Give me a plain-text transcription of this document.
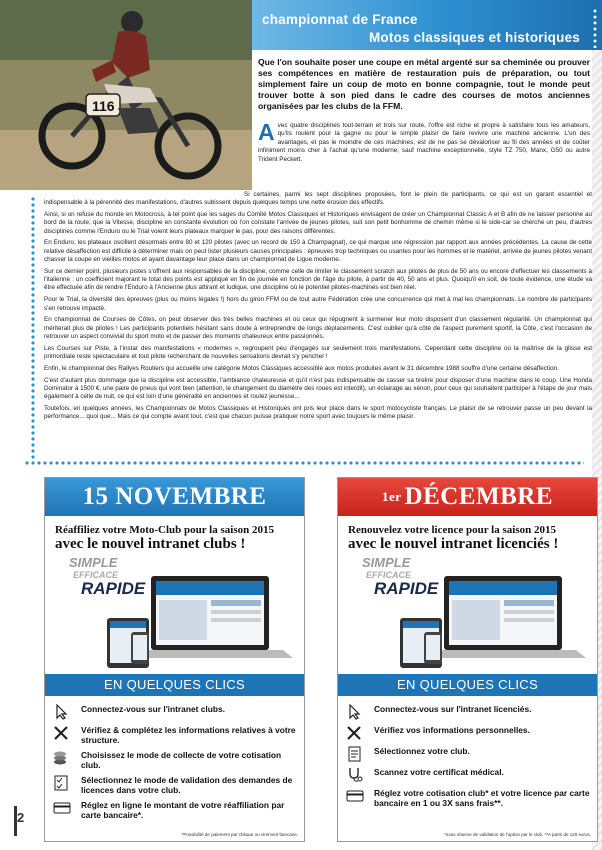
116
championnat de France
Motos classiques et historiques
Que l'on souhaite poser une coupe en métal argenté sur sa cheminée ou prouver ses compétences en matière de restauration puis de préparation, ou tout simplement faire un coup de moto en bonne compagnie, tout le monde peut trouver botte à son pied dans le cadre des courses de motos anciennes organisées par les clubs de la FFM.
A vec quatre disciplines tout-terrain et trois sur route, l'offre est riche et propre à satisfaire tous les amateurs, qu'ils roulent pour la gagne ou pour le simple plaisir de faire revivre une machine ancienne. L'un des avantages, et pas le moindre de ces machines, est de ne pas se dévaloriser au fil des années et de coûter infiniment moins cher à l'achat qu'une moderne, sauf machine exceptionnelle, style TZ 750, Manx, G50 ou autre Trident Peckett.

Si certaines, parmi les sept disciplines proposées, font le plein de participants, ce qui est un garant essentiel et indispensable à la pérennité des manifestations, d'autres subissent depuis quelques temps une nette érosion des effectifs.

Ainsi, si on refuse du monde en Motocross, à tel point que les sages du Comité Motos Classiques et Historiques envisagent de créer un Championnat Classic A et B afin de ne laisser personne au bord de la route, que la Vitesse, discipline en constante évolution où l'on constate l'arrivée de jeunes pilotes, suit son petit bonhomme de chemin même si le side-car se cherche un peu, d'autres disciplines comme l'Enduro ou le Trial voient leurs plateaux marquer le pas, pour des raisons différentes.

En Enduro, les plateaux oscillent désormais entre 80 et 120 pilotes (avec un record de 150 à Champagnat), ce qui marque une régression par rapport aux années précédentes. La cause de cette relative désaffection est difficile à déterminer mais on peut lister plusieurs causes principales : épreuves trop techniques ou usantes pour les hommes et le matériel, arrivée de jeunes pilotes venant chasser la coupe en vieilles motos et ayant davantage leur place dans un championnat de Ligue moderne.

Sur ce dernier point, plusieurs pistes s'offrent aux responsables de la discipline, comme celle de limiter le classement scratch aux pilotes de plus de 50 ans ou encore d'effectuer les classements à l'italienne : un coefficient majorant le total des points est appliqué en fin de journée en fonction de l'âge du pilote, à partir de 40, 50 ans et plus. Quoiqu'il en soit, de toute évidence, une étude va être effectuée afin de rendre l'Enduro à l'Ancienne plus attirant et ludique, une discipline où le potentiel pilotes-machines est bien réel.

Pour le Trial, la diversité des épreuves (plus ou moins légales !) hors du giron FFM ou de tout autre Fédération crée une concurrence qui met à mal les championnats. Le nombre de participants s'en retrouve impacté.

En championnat de Courses de Côtes, on peut observer des très belles machines et où ceux qui répugnent à surmener leur moto disposent d'un classement régularité. Un championnat qui mériterait plus de pilotes ! Les participants potentiels hésitant sans doute à entreprendre de longs déplacements. C'est oublier qu'à côté de l'aspect purement sportif, la Côte, c'est l'occasion de retrouver un aspect convivial du sport moto et de passer des moments chaleureux entre passionnés.

Les Courses sur Piste, à l'instar des manifestations « modernes », regroupent peu d'engagés sur seulement trois manifestations. Cependant cette discipline où la maîtrise de la glisse est primordiale reste spectaculaire et tout pilote recherchant de nouvelles sensations devrait s'y pencher !

Enfin, le championnat des Rallyes Routiers qui accueille une catégorie Motos Classiques accessible aux motos produites avant le 31 décembre 1988 souffre d'une certaine désaffection.

C'est d'autant plus dommage que la discipline est accessible, l'ambiance chaleureuse et qu'il n'est pas indispensable de casser sa tirelire pour disposer d'une machine dans le coup. Une Honda Dominator à 1500 €, une paire de pneus qui vont bien (attention, le changement du diamètre des roues est interdit), un éclairage au xénon, pour ceux qui souhaitent participer à l'étape de jour mais également à celle de nuit, ce qui est loin d'une généralité en anciennes et roulez jeunesse...

Toutefois, en quelques années, les Championnats de Motos Classiques et Historiques ont pris leur place dans le sport motocycliste français. Le plaisir de se retrouver passe un peu devant la performance... quoi que... Mais ce qui compte avant tout, c'est que chacun puisse pratiquer notre sport avec toujours le même plaisir.

15 NOVEMBRE
Réaffiliez votre Moto-Club pour la saison 2015
avec le nouvel intranet clubs !
SIMPLE
EFFICACE
RAPIDE
EN QUELQUES CLICS
Connectez-vous sur l'intranet clubs.
Vérifiez & complétez les informations relatives à votre structure.
Choisissez le mode de collecte de votre cotisation club.
Sélectionnez le mode de validation des demandes de licences dans votre club.
Réglez en ligne le montant de votre réaffiliation par carte bancaire*.
*Possibilité de paiement par chèque ou virement bancaire.
1er DÉCEMBRE
Renouvelez votre licence pour la saison 2015
avec le nouvel intranet licenciés !
SIMPLE
EFFICACE
RAPIDE
EN QUELQUES CLICS
Connectez-vous sur l'intranet licenciés.
Vérifiez vos informations personnelles.
Sélectionnez votre club.
Scannez votre certificat médical.
Réglez votre cotisation club* et votre licence par carte bancaire en 1 ou 3X sans frais**.
*sous réserve de validation de l'option par le club. **A partir de 120 euros.
2
